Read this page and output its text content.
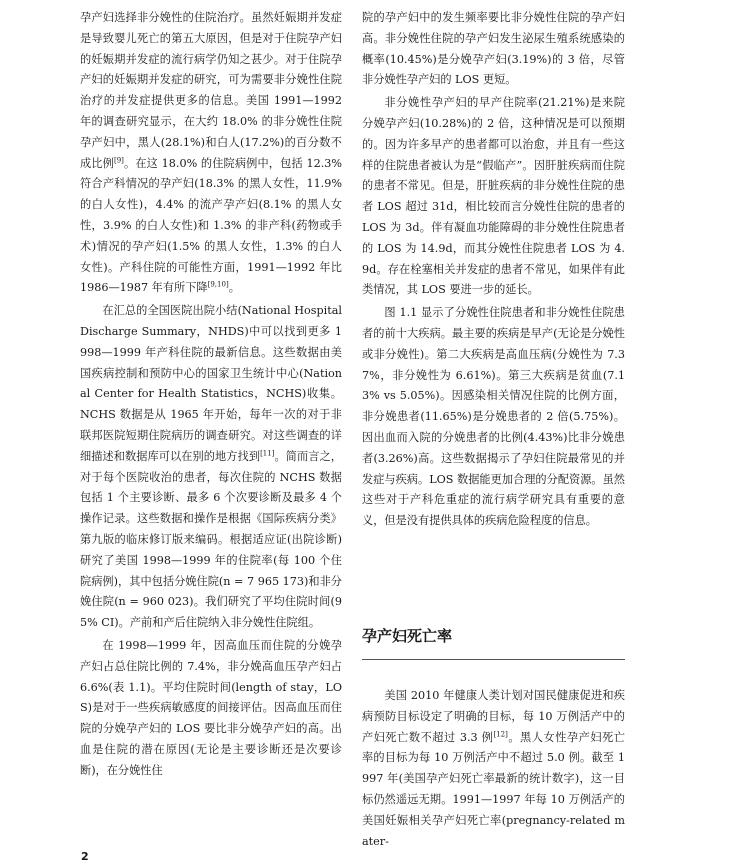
孕产妇选择非分娩性的住院治疗。虽然妊娠期并发症是导致婴儿死亡的第五大原因，但是对于住院孕产妇的妊娠期并发症的流行病学仍知之甚少。对于住院孕产妇的妊娠期并发症的研究，可为需要非分娩性住院治疗的并发症提供更多的信息。美国 1991—1992 年的调查研究显示，在大约 18.0% 的非分娩性住院孕产妇中，黑人(28.1%)和白人(17.2%)的百分数不成比例[9]。在这 18.0% 的住院病例中，包括 12.3% 符合产科情况的孕产妇(18.3% 的黑人女性，11.9% 的白人女性)，4.4% 的流产孕产妇(8.1% 的黑人女性，3.9% 的白人女性)和 1.3% 的非产科(药物或手术)情况的孕产妇(1.5% 的黑人女性，1.3% 的白人女性)。产科住院的可能性方面，1991—1992 年比 1986—1987 年有所下降[9,10]。

在汇总的全国医院出院小结(National Hospital Discharge Summary，NHDS)中可以找到更多 1998—1999 年产科住院的最新信息。这些数据由美国疾病控制和预防中心的国家卫生统计中心(National Center for Health Statistics，NCHS)收集。NCHS 数据是从 1965 年开始，每年一次的对于非联邦医院短期住院病历的调查研究。对这些调查的详细描述和数据库可以在别的地方找到[11]。简而言之，对于每个医院收治的患者，每次住院的 NCHS 数据包括 1 个主要诊断、最多 6 个次要诊断及最多 4 个操作记录。这些数据和操作是根据《国际疾病分类》第九版的临床修订版来编码。根据适应证(出院诊断)研究了美国 1998—1999 年的住院率(每 100 个住院病例)，其中包括分娩住院(n = 7 965 173)和非分娩住院(n = 960 023)。我们研究了平均住院时间(95% CI)。产前和产后住院纳入非分娩性住院组。

在 1998—1999 年，因高血压而住院的分娩孕产妇占总住院比例的 7.4%，非分娩高血压孕产妇占 6.6%(表 1.1)。平均住院时间(length of stay，LOS)是对于一些疾病敏感度的间接评估。因高血压而住院的分娩孕产妇的 LOS 要比非分娩孕产妇的高。出血是住院的潜在原因(无论是主要诊断还是次要诊断)，在分娩性住

院的孕产妇中的发生频率要比非分娩性住院的孕产妇高。非分娩性住院的孕产妇发生泌尿生殖系统感染的概率(10.45%)是分娩孕产妇(3.19%)的 3 倍，尽管非分娩性孕产妇的 LOS 更短。

非分娩性孕产妇的早产住院率(21.21%)是来院分娩孕产妇(10.28%)的 2 倍，这种情况是可以预期的。因为许多早产的患者都可以治愈，并且有一些这样的住院患者被认为是“假临产”。因肝脏疾病而住院的患者不常见。但是，肝脏疾病的非分娩性住院的患者 LOS 超过 31d，相比较而言分娩性住院的患者的 LOS 为 3d。伴有凝血功能障碍的非分娩性住院患者的 LOS 为 14.9d，而其分娩性住院患者 LOS 为 4.9d。存在栓塞相关并发症的患者不常见，如果伴有此类情况，其 LOS 要进一步的延长。

图 1.1 显示了分娩性住院患者和非分娩性住院患者的前十大疾病。最主要的疾病是早产(无论是分娩性或非分娩性)。第二大疾病是高血压病(分娩性为 7.37%，非分娩性为 6.61%)。第三大疾病是贫血(7.13% vs 5.05%)。因感染相关情况住院的比例方面，非分娩患者(11.65%)是分娩患者的 2 倍(5.75%)。因出血而入院的分娩患者的比例(4.43%)比非分娩患者(3.26%)高。这些数据揭示了孕妇住院最常见的并发症与疾病。LOS 数据能更加合理的分配资源。虽然这些对于产科危重症的流行病学研究具有重要的意义，但是没有提供具体的疾病危险程度的信息。

孕产妇死亡率

美国 2010 年健康人类计划对国民健康促进和疾病预防目标设定了明确的目标，每 10 万例活产中的产妇死亡数不超过 3.3 例[12]。黑人女性孕产妇死亡率的目标为每 10 万例活产中不超过 5.0 例。截至 1997 年(美国孕产妇死亡率最新的统计数字)，这一目标仍然遥远无期。1991—1997 年每 10 万例活产的美国妊娠相关孕产妇死亡率(pregnancy-related mater-

2
